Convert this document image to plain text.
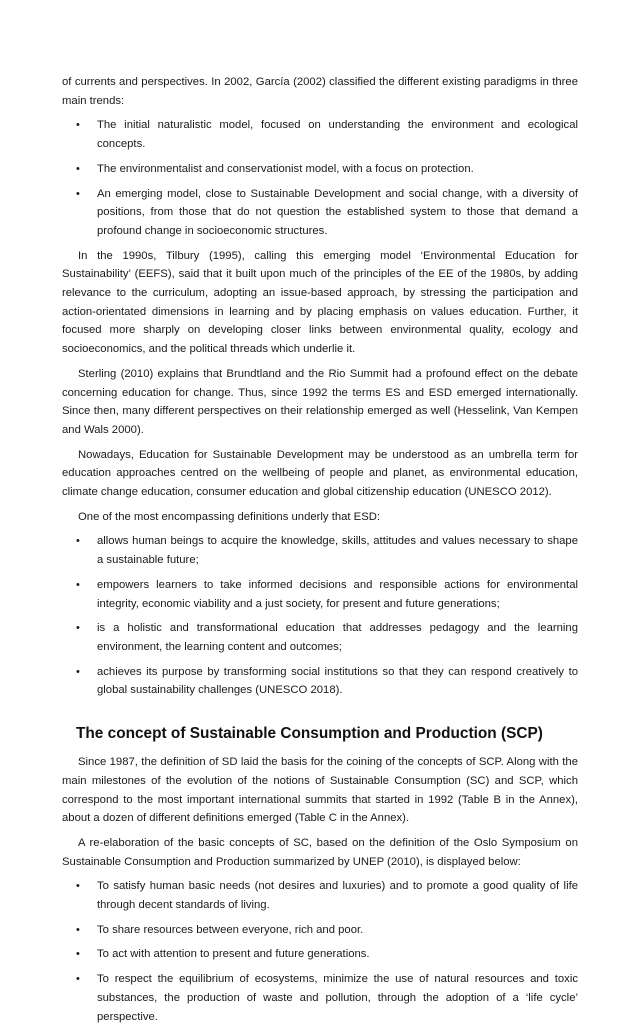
of currents and perspectives. In 2002, García (2002) classified the different existing paradigms in three main trends:

• The initial naturalistic model, focused on understanding the environment and ecological concepts.
• The environmentalist and conservationist model, with a focus on protection.
• An emerging model, close to Sustainable Development and social change, with a diversity of positions, from those that do not question the established system to those that demand a profound change in socioeconomic structures.

In the 1990s, Tilbury (1995), calling this emerging model ‘Environmental Education for Sustainability’ (EEFS), said that it built upon much of the principles of the EE of the 1980s, by adding relevance to the curriculum, adopting an issue-based approach, by stressing the participation and action-orientated dimensions in learning and by placing emphasis on values education. Further, it focused more sharply on developing closer links between environmental quality, ecology and socioeconomics, and the political threads which underlie it.

Sterling (2010) explains that Brundtland and the Rio Summit had a profound effect on the debate concerning education for change. Thus, since 1992 the terms ES and ESD emerged internationally. Since then, many different perspectives on their relationship emerged as well (Hesselink, Van Kempen and Wals 2000).

Nowadays, Education for Sustainable Development may be understood as an umbrella term for education approaches centred on the wellbeing of people and planet, as environmental education, climate change education, consumer education and global citizenship education (UNESCO 2012).

One of the most encompassing definitions underly that ESD:

• allows human beings to acquire the knowledge, skills, attitudes and values necessary to shape a sustainable future;
• empowers learners to take informed decisions and responsible actions for environmental integrity, economic viability and a just society, for present and future generations;
• is a holistic and transformational education that addresses pedagogy and the learning environment, the learning content and outcomes;
• achieves its purpose by transforming social institutions so that they can respond creatively to global sustainability challenges (UNESCO 2018).
The concept of Sustainable Consumption and Production (SCP)

Since 1987, the definition of SD laid the basis for the coining of the concepts of SCP. Along with the main milestones of the evolution of the notions of Sustainable Consumption (SC) and SCP, which correspond to the most important international summits that started in 1992 (Table B in the Annex), about a dozen of different definitions emerged (Table C in the Annex).

A re-elaboration of the basic concepts of SC, based on the definition of the Oslo Symposium on Sustainable Consumption and Production summarized by UNEP (2010), is displayed below:

• To satisfy human basic needs (not desires and luxuries) and to promote a good quality of life through decent standards of living.
• To share resources between everyone, rich and poor.
• To act with attention to present and future generations.
• To respect the equilibrium of ecosystems, minimize the use of natural resources and toxic substances, the production of waste and pollution, through the adoption of a ‘life cycle’ perspective.
